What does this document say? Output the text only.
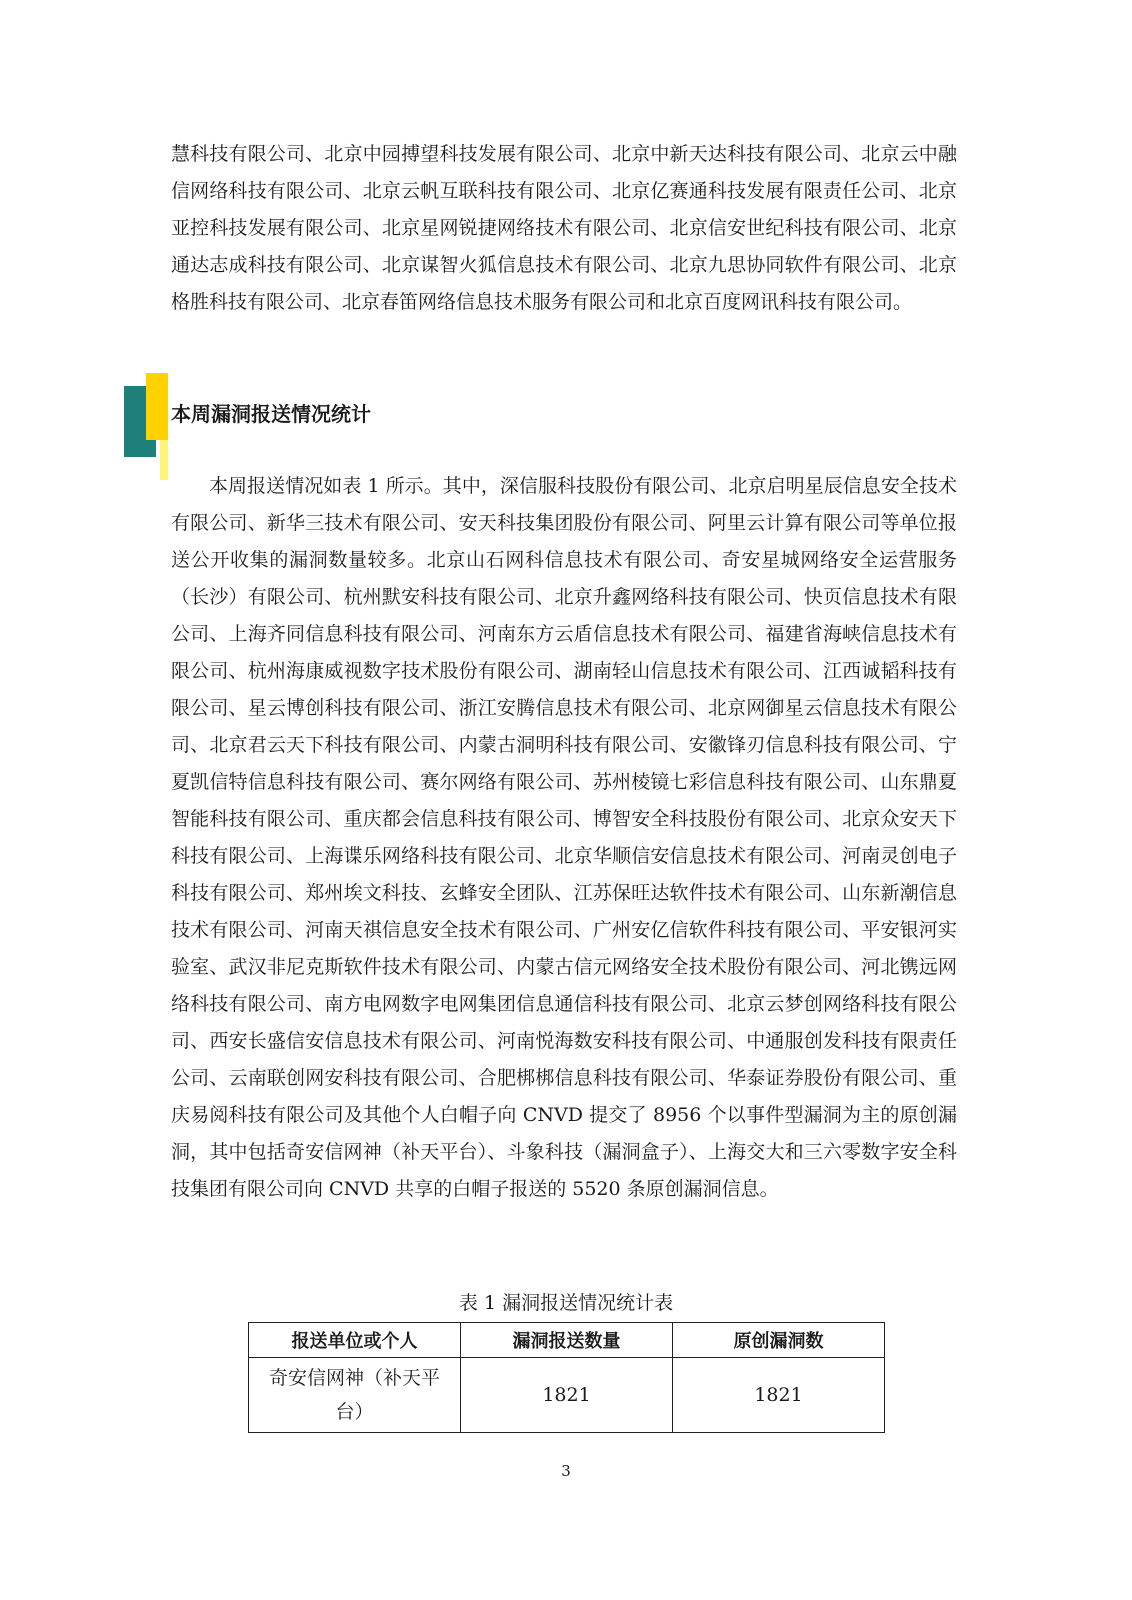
慧科技有限公司、北京中园搏望科技发展有限公司、北京中新天达科技有限公司、北京云中融信网络科技有限公司、北京云帆互联科技有限公司、北京亿赛通科技发展有限责任公司、北京亚控科技发展有限公司、北京星网锐捷网络技术有限公司、北京信安世纪科技有限公司、北京通达志成科技有限公司、北京谋智火狐信息技术有限公司、北京九思协同软件有限公司、北京格胜科技有限公司、北京春笛网络信息技术服务有限公司和北京百度网讯科技有限公司。

本周漏洞报送情况统计

本周报送情况如表 1 所示。其中，深信服科技股份有限公司、北京启明星辰信息安全技术有限公司、新华三技术有限公司、安天科技集团股份有限公司、阿里云计算有限公司等单位报送公开收集的漏洞数量较多。北京山石网科信息技术有限公司、奇安星城网络安全运营服务（长沙）有限公司、杭州默安科技有限公司、北京升鑫网络科技有限公司、快页信息技术有限公司、上海齐同信息科技有限公司、河南东方云盾信息技术有限公司、福建省海峡信息技术有限公司、杭州海康威视数字技术股份有限公司、湖南轻山信息技术有限公司、江西诚韬科技有限公司、星云博创科技有限公司、浙江安腾信息技术有限公司、北京网御星云信息技术有限公司、北京君云天下科技有限公司、内蒙古洞明科技有限公司、安徽锋刃信息科技有限公司、宁夏凯信特信息科技有限公司、赛尔网络有限公司、苏州棱镜七彩信息科技有限公司、山东鼎夏智能科技有限公司、重庆都会信息科技有限公司、博智安全科技股份有限公司、北京众安天下科技有限公司、上海谍乐网络科技有限公司、北京华顺信安信息技术有限公司、河南灵创电子科技有限公司、郑州埃文科技、玄蜂安全团队、江苏保旺达软件技术有限公司、山东新潮信息技术有限公司、河南天祺信息安全技术有限公司、广州安亿信软件科技有限公司、平安银河实验室、武汉非尼克斯软件技术有限公司、内蒙古信元网络安全技术股份有限公司、河北镌远网络科技有限公司、南方电网数字电网集团信息通信科技有限公司、北京云梦创网络科技有限公司、西安长盛信安信息技术有限公司、河南悦海数安科技有限公司、中通服创发科技有限责任公司、云南联创网安科技有限公司、合肥梆梆信息科技有限公司、华泰证券股份有限公司、重庆易阅科技有限公司及其他个人白帽子向 CNVD 提交了 8956 个以事件型漏洞为主的原创漏洞，其中包括奇安信网神（补天平台）、斗象科技（漏洞盒子）、上海交大和三六零数字安全科技集团有限公司向 CNVD 共享的白帽子报送的 5520 条原创漏洞信息。

表 1 漏洞报送情况统计表

报送单位或个人	漏洞报送数量	原创漏洞数
奇安信网神（补天平台）	1821	1821

3
